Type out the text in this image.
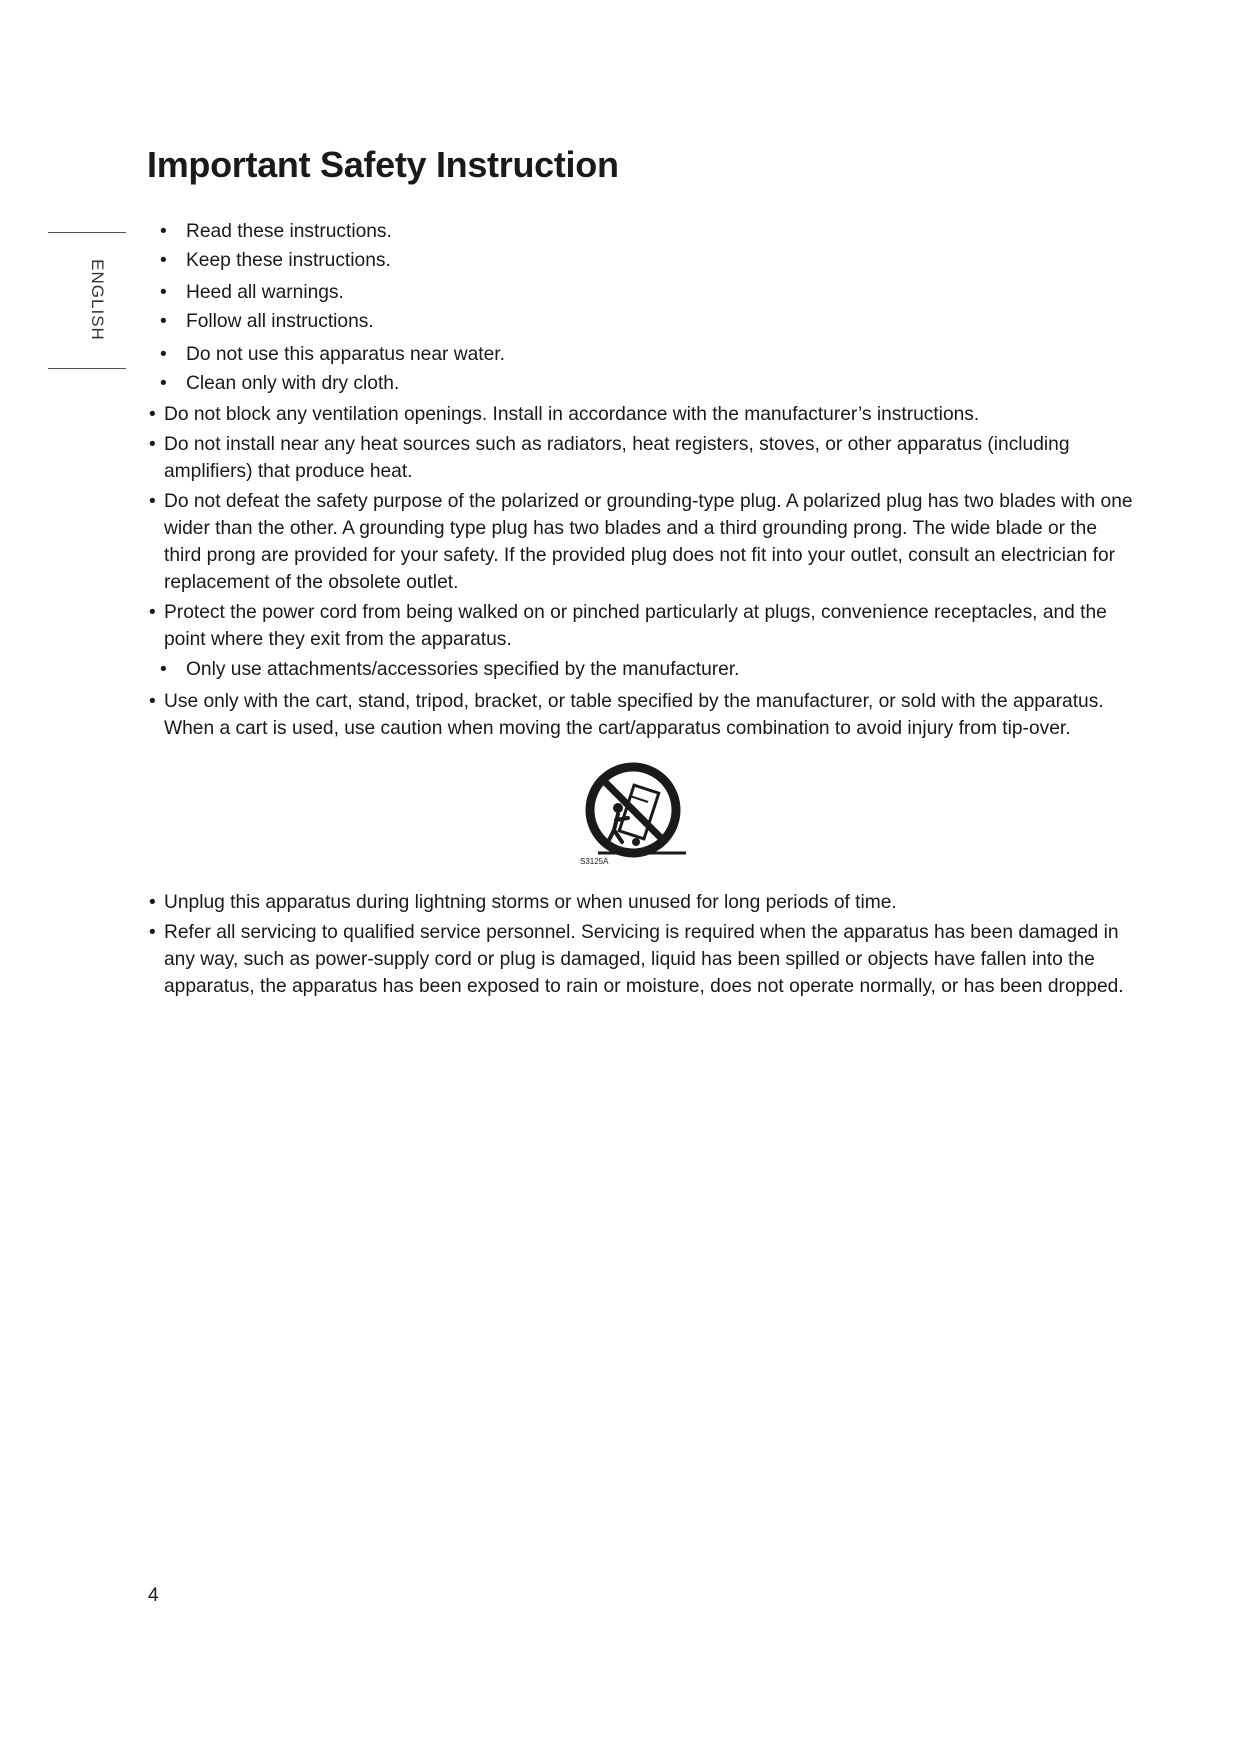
Important Safety Instruction
ENGLISH
• Read these instructions.
• Keep these instructions.
• Heed all warnings.
• Follow all instructions.
• Do not use this apparatus near water.
• Clean only with dry cloth.
• Do not block any ventilation openings. Install in accordance with the manufacturer’s instructions.
• Do not install near any heat sources such as radiators, heat registers, stoves, or other apparatus (including amplifiers) that produce heat.
• Do not defeat the safety purpose of the polarized or grounding-type plug. A polarized plug has two blades with one wider than the other. A grounding type plug has two blades and a third grounding prong. The wide blade or the third prong are provided for your safety. If the provided plug does not fit into your outlet, consult an electrician for replacement of the obsolete outlet.
• Protect the power cord from being walked on or pinched particularly at plugs, convenience receptacles, and the point where they exit from the apparatus.
• Only use attachments/accessories specified by the manufacturer.
• Use only with the cart, stand, tripod, bracket, or table specified by the manufacturer, or sold with the apparatus. When a cart is used, use caution when moving the cart/apparatus combination to avoid injury from tip-over.
• Unplug this apparatus during lightning storms or when unused for long periods of time.
• Refer all servicing to qualified service personnel. Servicing is required when the apparatus has been damaged in any way, such as power-supply cord or plug is damaged, liquid has been spilled or objects have fallen into the apparatus, the apparatus has been exposed to rain or moisture, does not operate normally, or has been dropped.
S3125A
4
